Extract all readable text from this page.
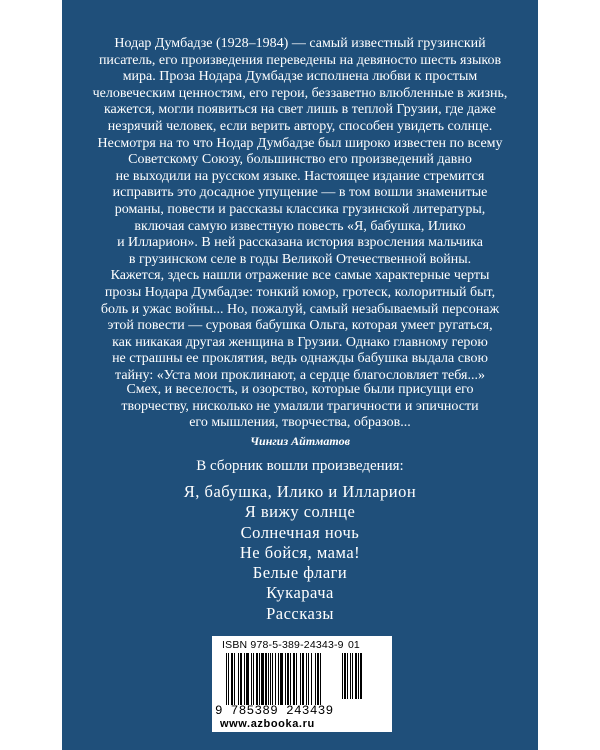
Нодар Думбадзе (1928–1984) — самый известный грузинский
писатель, его произведения переведены на девяносто шесть языков
мира. Проза Нодара Думбадзе исполнена любви к простым
человеческим ценностям, его герои, беззаветно влюбленные в жизнь,
кажется, могли появиться на свет лишь в теплой Грузии, где даже
незрячий человек, если верить автору, способен увидеть солнце.
Несмотря на то что Нодар Думбадзе был широко известен по всему
Советскому Союзу, большинство его произведений давно
не выходили на русском языке. Настоящее издание стремится
исправить это досадное упущение — в том вошли знаменитые
романы, повести и рассказы классика грузинской литературы,
включая самую известную повесть «Я, бабушка, Илико
и Илларион». В ней рассказана история взросления мальчика
в грузинском селе в годы Великой Отечественной войны.
Кажется, здесь нашли отражение все самые характерные черты
прозы Нодара Думбадзе: тонкий юмор, гротеск, колоритный быт,
боль и ужас войны... Но, пожалуй, самый незабываемый персонаж
этой повести — суровая бабушка Ольга, которая умеет ругаться,
как никакая другая женщина в Грузии. Однако главному герою
не страшны ее проклятия, ведь однажды бабушка выдала свою
тайну: «Уста мои проклинают, а сердце благословляет тебя...»
Смех, и веселость, и озорство, которые были присущи его
творчеству, нисколько не умаляли трагичности и эпичности
его мышления, творчества, образов...
Чингиз Айтматов
В сборник вошли произведения:
Я, бабушка, Илико и Илларион
Я вижу солнце
Солнечная ночь
Не бойся, мама!
Белые флаги
Кукарача
Рассказы
ISBN 978-5-389-24343-9 01
9 785389 243439
www.azbooka.ru
